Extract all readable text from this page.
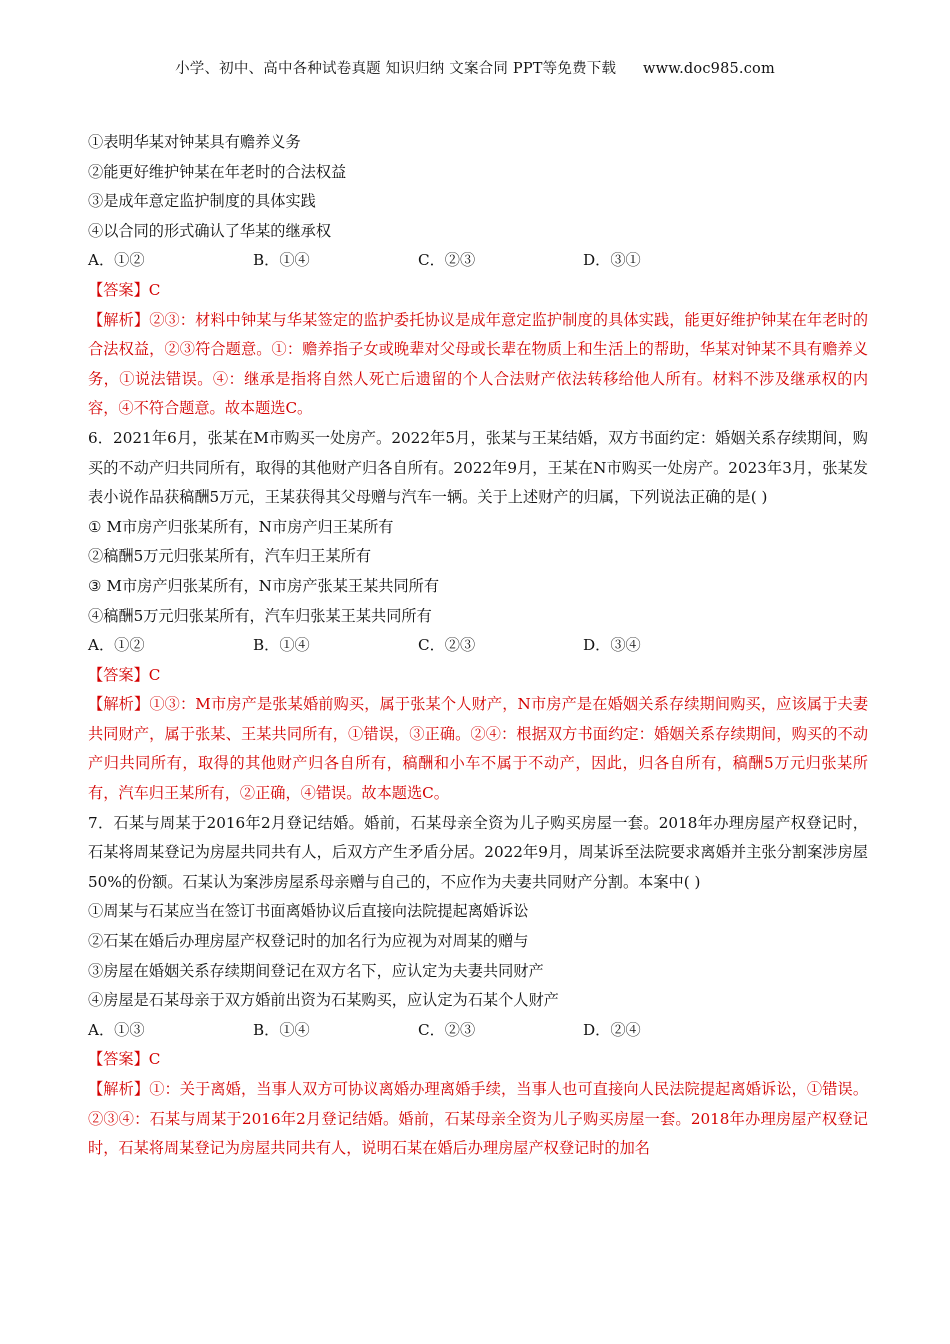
小学、初中、高中各种试卷真题 知识归纳 文案合同 PPT等免费下载 www.doc985.com
①表明华某对钟某具有赡养义务
②能更好维护钟某在年老时的合法权益
③是成年意定监护制度的具体实践
④以合同的形式确认了华某的继承权
A．①②	B．①④	C．②③	D．③①
【答案】C
【解析】②③：材料中钟某与华某签定的监护委托协议是成年意定监护制度的具体实践，能更好维护钟某在年老时的合法权益，②③符合题意。①：赡养指子女或晚辈对父母或长辈在物质上和生活上的帮助，华某对钟某不具有赡养义务，①说法错误。④：继承是指将自然人死亡后遗留的个人合法财产依法转移给他人所有。材料不涉及继承权的内容，④不符合题意。故本题选C。
6．2021年6月，张某在M市购买一处房产。2022年5月，张某与王某结婚，双方书面约定：婚姻关系存续期间，购买的不动产归共同所有，取得的其他财产归各自所有。2022年9月，王某在N市购买一处房产。2023年3月，张某发表小说作品获稿酬5万元，王某获得其父母赠与汽车一辆。关于上述财产的归属，下列说法正确的是( )
① M市房产归张某所有，N市房产归王某所有
②稿酬5万元归张某所有，汽车归王某所有
③ M市房产归张某所有，N市房产张某王某共同所有
④稿酬5万元归张某所有，汽车归张某王某共同所有
A．①②	B．①④	C．②③	D．③④
【答案】C
【解析】①③：M市房产是张某婚前购买，属于张某个人财产，N市房产是在婚姻关系存续期间购买，应该属于夫妻共同财产，属于张某、王某共同所有，①错误，③正确。②④：根据双方书面约定：婚姻关系存续期间，购买的不动产归共同所有，取得的其他财产归各自所有，稿酬和小车不属于不动产，因此，归各自所有，稿酬5万元归张某所有，汽车归王某所有，②正确，④错误。故本题选C。
7．石某与周某于2016年2月登记结婚。婚前，石某母亲全资为儿子购买房屋一套。2018年办理房屋产权登记时，石某将周某登记为房屋共同共有人，后双方产生矛盾分居。2022年9月，周某诉至法院要求离婚并主张分割案涉房屋50%的份额。石某认为案涉房屋系母亲赠与自己的，不应作为夫妻共同财产分割。本案中( )
①周某与石某应当在签订书面离婚协议后直接向法院提起离婚诉讼
②石某在婚后办理房屋产权登记时的加名行为应视为对周某的赠与
③房屋在婚姻关系存续期间登记在双方名下，应认定为夫妻共同财产
④房屋是石某母亲于双方婚前出资为石某购买，应认定为石某个人财产
A．①③	B．①④	C．②③	D．②④
【答案】C
【解析】①：关于离婚，当事人双方可协议离婚办理离婚手续，当事人也可直接向人民法院提起离婚诉讼，①错误。②③④：石某与周某于2016年2月登记结婚。婚前，石某母亲全资为儿子购买房屋一套。2018年办理房屋产权登记时，石某将周某登记为房屋共同共有人，说明石某在婚后办理房屋产权登记时的加名
